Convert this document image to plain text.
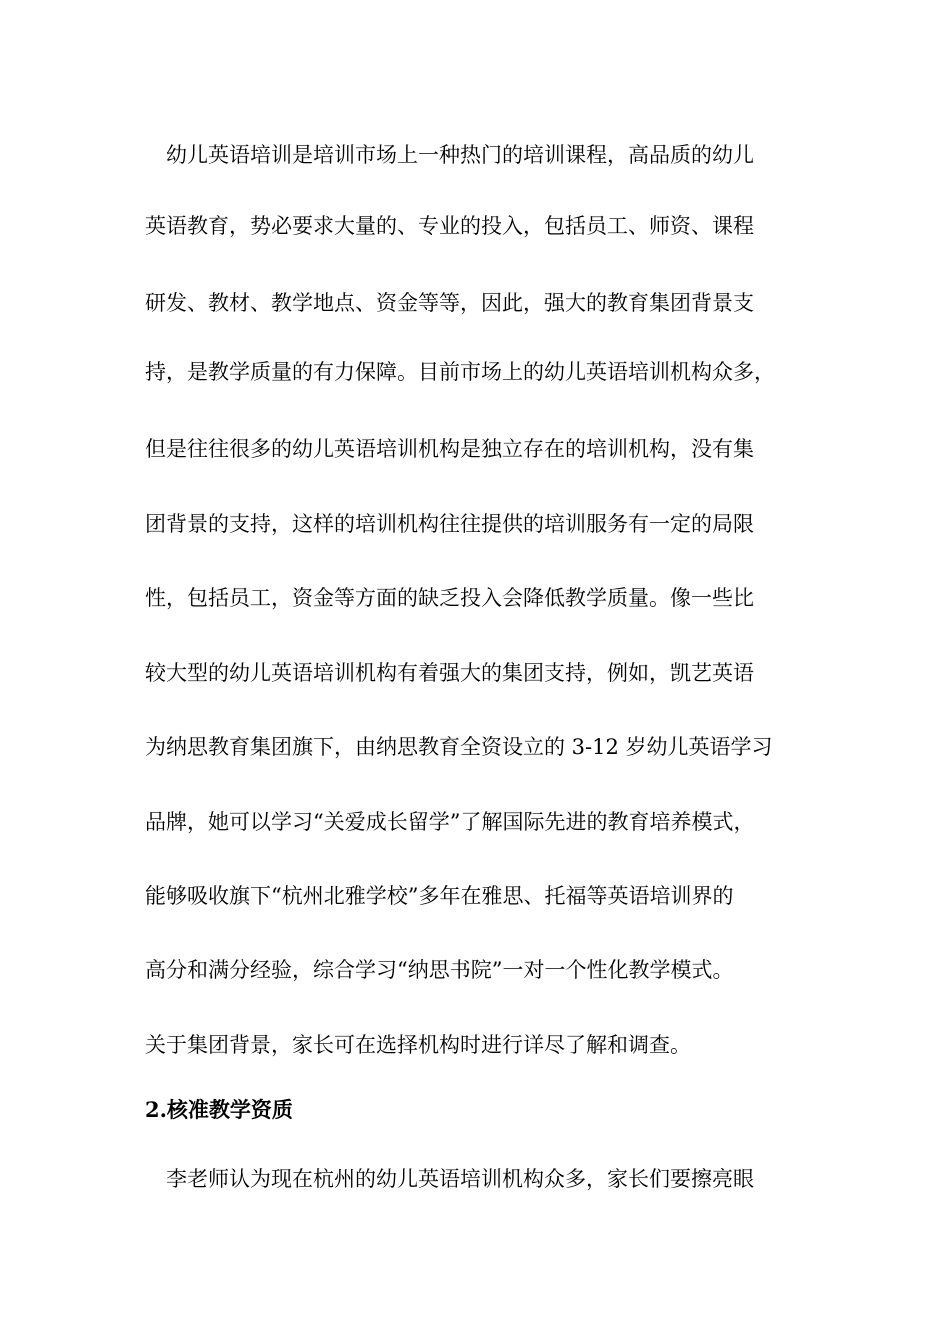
幼儿英语培训是培训市场上一种热门的培训课程，高品质的幼儿
英语教育，势必要求大量的、专业的投入，包括员工、师资、课程
研发、教材、教学地点、资金等等，因此，强大的教育集团背景支
持，是教学质量的有力保障。目前市场上的幼儿英语培训机构众多，
但是往往很多的幼儿英语培训机构是独立存在的培训机构，没有集
团背景的支持，这样的培训机构往往提供的培训服务有一定的局限
性，包括员工，资金等方面的缺乏投入会降低教学质量。像一些比
较大型的幼儿英语培训机构有着强大的集团支持，例如，凯艺英语
为纳思教育集团旗下，由纳思教育全资设立的 3-12 岁幼儿英语学习
品牌，她可以学习“关爱成长留学”了解国际先进的教育培养模式，
能够吸收旗下“杭州北雅学校”多年在雅思、托福等英语培训界的
高分和满分经验，综合学习“纳思书院”一对一个性化教学模式。
关于集团背景，家长可在选择机构时进行详尽了解和调查。
2.核准教学资质
李老师认为现在杭州的幼儿英语培训机构众多，家长们要擦亮眼
